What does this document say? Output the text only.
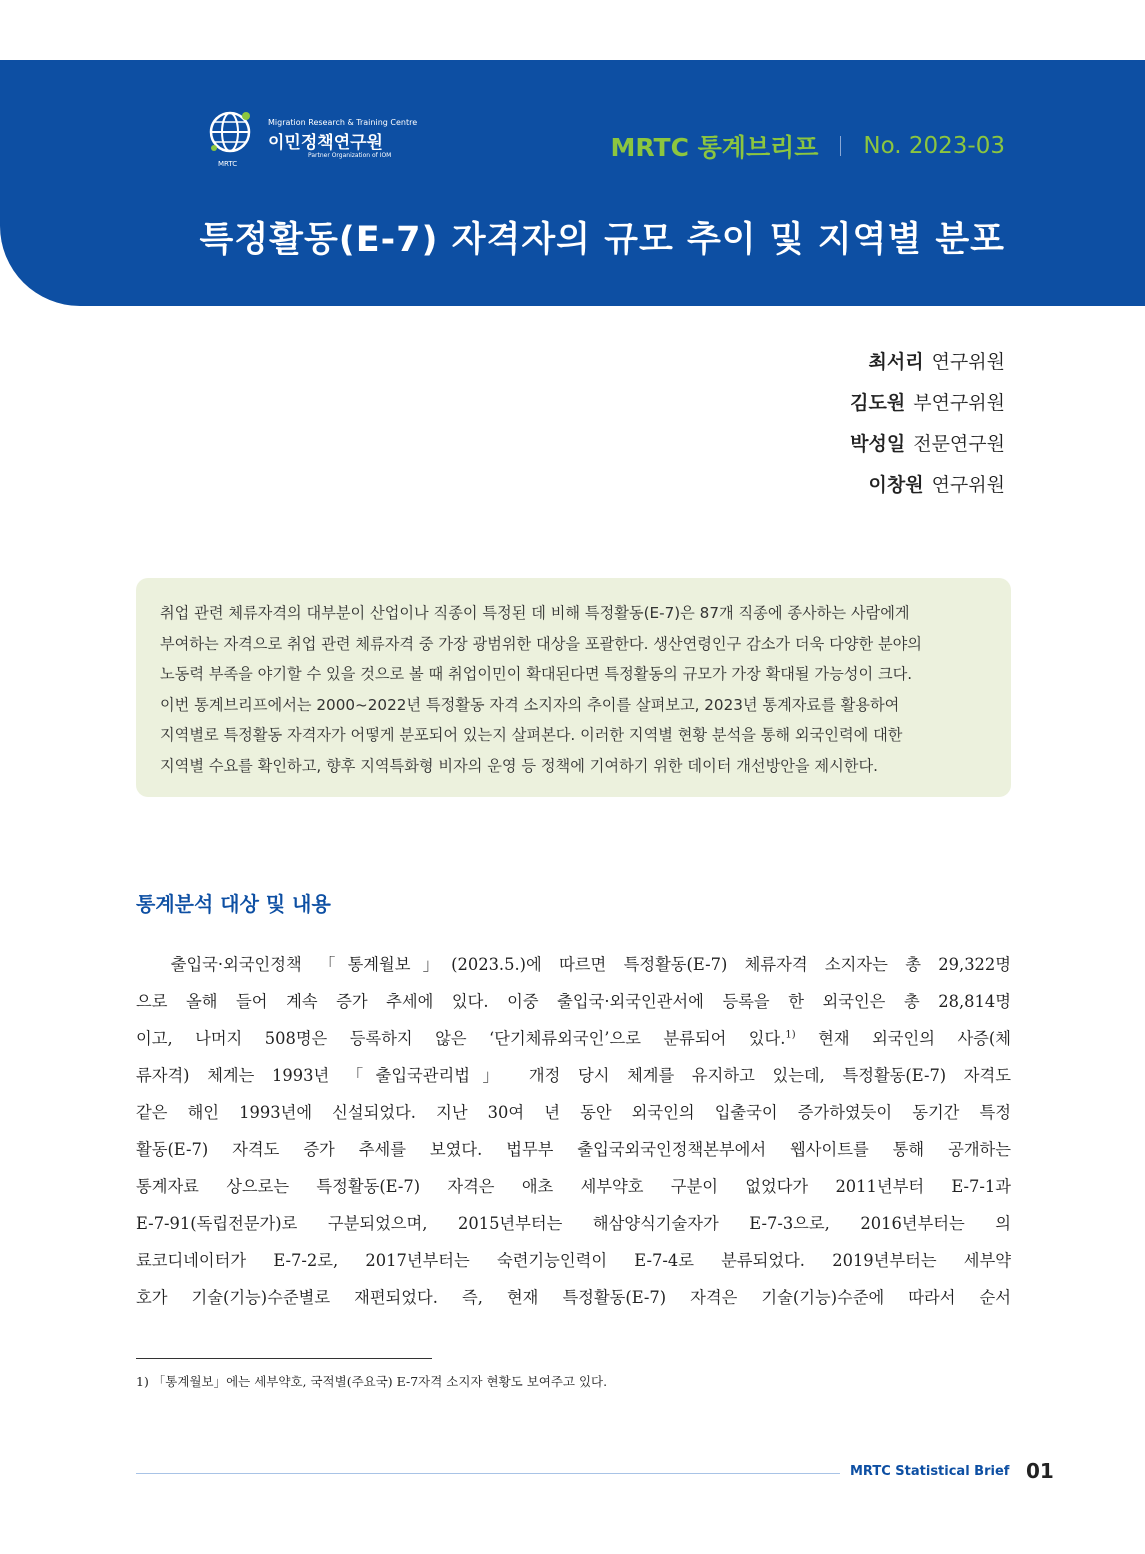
Migration Research & Training Centre
이민정책연구원
Partner Organization of IOM
MRTC
MRTC 통계브리프 No. 2023-03
특정활동(E-7) 자격자의 규모 추이 및 지역별 분포
최서리 연구위원
김도원 부연구위원
박성일 전문연구원
이창원 연구위원

취업 관련 체류자격의 대부분이 산업이나 직종이 특정된 데 비해 특정활동(E-7)은 87개 직종에 종사하는 사람에게

부여하는 자격으로 취업 관련 체류자격 중 가장 광범위한 대상을 포괄한다. 생산연령인구 감소가 더욱 다양한 분야의

노동력 부족을 야기할 수 있을 것으로 볼 때 취업이민이 확대된다면 특정활동의 규모가 가장 확대될 가능성이 크다.

이번 통계브리프에서는 2000~2022년 특정활동 자격 소지자의 추이를 살펴보고, 2023년 통계자료를 활용하여

지역별로 특정활동 자격자가 어떻게 분포되어 있는지 살펴본다. 이러한 지역별 현황 분석을 통해 외국인력에 대한

지역별 수요를 확인하고, 향후 지역특화형 비자의 운영 등 정책에 기여하기 위한 데이터 개선방안을 제시한다.

통계분석 대상 및 내용
출입국·외국인정책 「통계월보」(2023.5.)에 따르면 특정활동(E-7) 체류자격 소지자는 총 29,322명
으로 올해 들어 계속 증가 추세에 있다. 이중 출입국·외국인관서에 등록을 한 외국인은 총 28,814명
이고, 나머지 508명은 등록하지 않은 ‘단기체류외국인’으로 분류되어 있다.$^{1)}$ 현재 외국인의 사증(체
류자격) 체계는 1993년 「출입국관리법」 개정 당시 체계를 유지하고 있는데, 특정활동(E-7) 자격도
같은 해인 1993년에 신설되었다. 지난 30여 년 동안 외국인의 입출국이 증가하였듯이 동기간 특정
활동(E-7) 자격도 증가 추세를 보였다. 법무부 출입국외국인정책본부에서 웹사이트를 통해 공개하는
통계자료 상으로는 특정활동(E-7) 자격은 애초 세부약호 구분이 없었다가 2011년부터 E-7-1과
E-7-91(독립전문가)로 구분되었으며, 2015년부터는 해삼양식기술자가 E-7-3으로, 2016년부터는 의
료코디네이터가 E-7-2로, 2017년부터는 숙련기능인력이 E-7-4로 분류되었다. 2019년부터는 세부약
호가 기술(기능)수준별로 재편되었다. 즉, 현재 특정활동(E-7) 자격은 기술(기능)수준에 따라서 순서
1) 「통계월보」에는 세부약호, 국적별(주요국) E-7자격 소지자 현황도 보여주고 있다.
MRTC Statistical Brief 01
